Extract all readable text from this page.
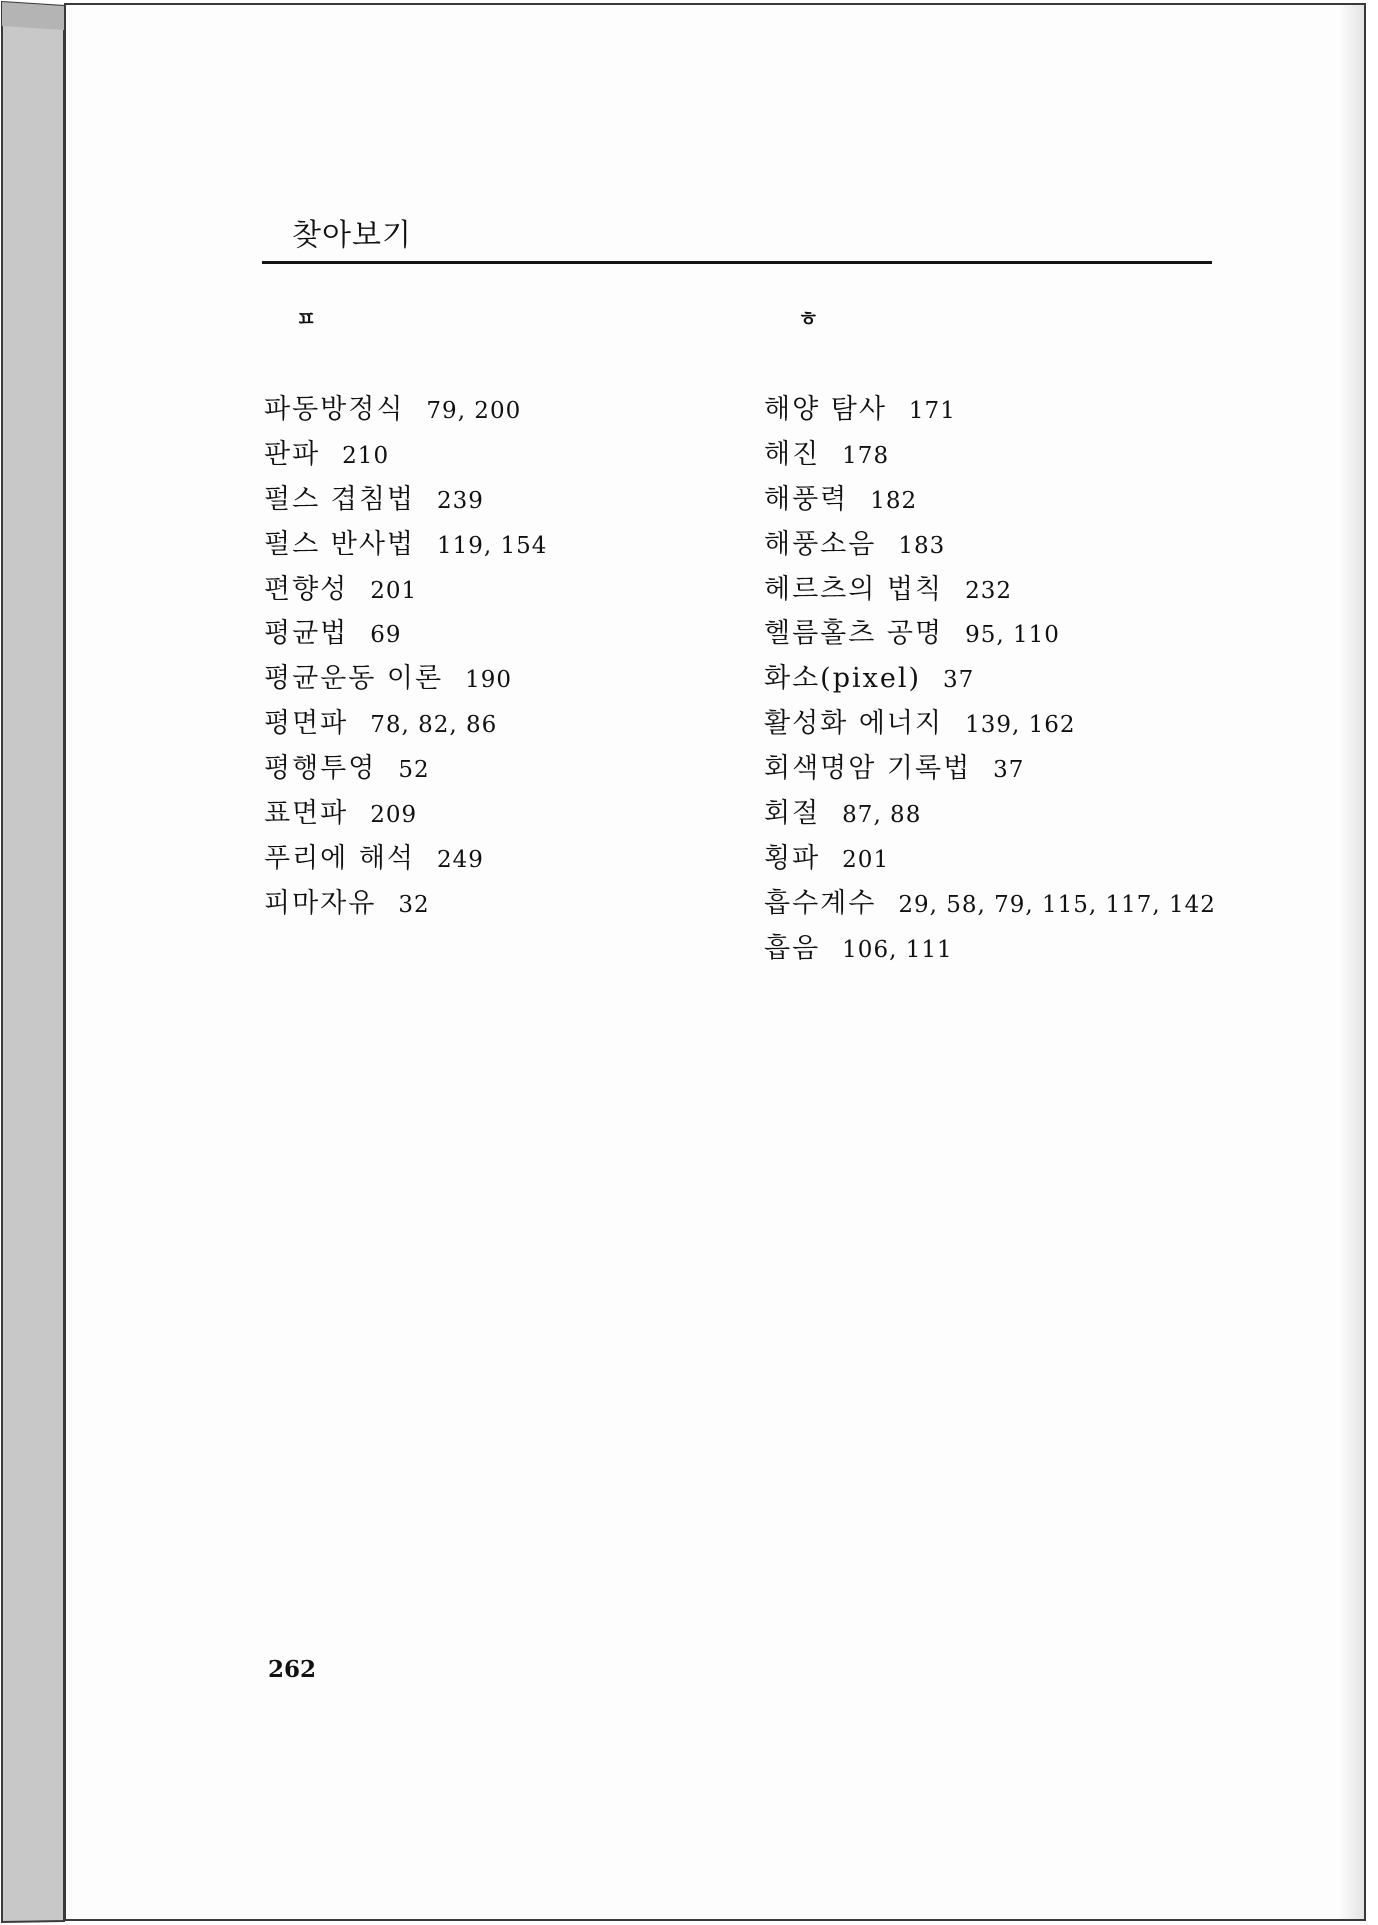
찾아보기
ㅍ	ㅎ
파동방정식 79, 200
판파 210
펄스 겹침법 239
펄스 반사법 119, 154
편향성 201
평균법 69
평균운동 이론 190
평면파 78, 82, 86
평행투영 52
표면파 209
푸리에 해석 249
피마자유 32
해양 탐사 171
해진 178
해풍력 182
해풍소음 183
헤르츠의 법칙 232
헬름홀츠 공명 95, 110
화소(pixel) 37
활성화 에너지 139, 162
회색명암 기록법 37
회절 87, 88
횡파 201
흡수계수 29, 58, 79, 115, 117, 142
흡음 106, 111
262
